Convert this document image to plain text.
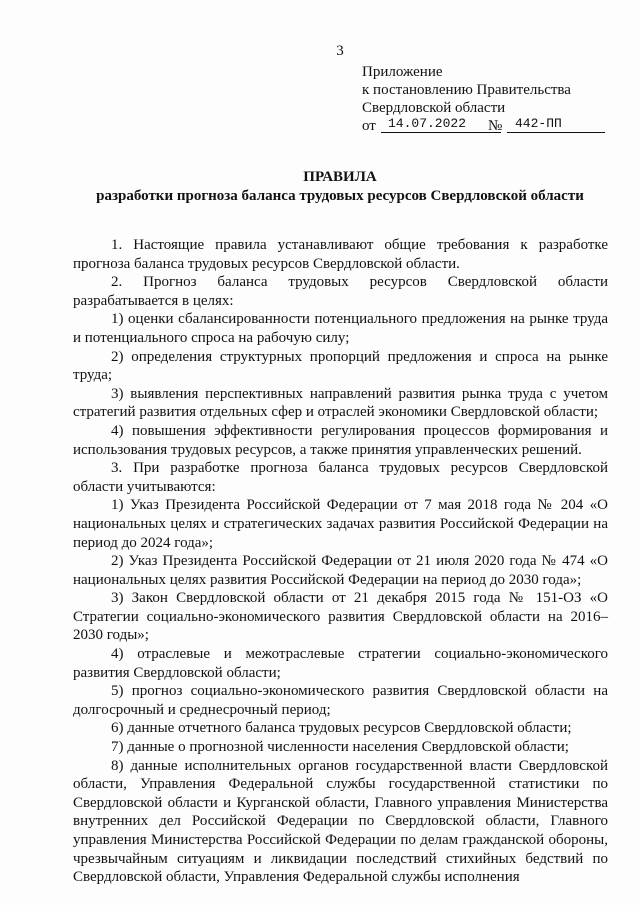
3
Приложение
к постановлению Правительства
Свердловской области
от 14.07.2022 № 442-ПП
ПРАВИЛА
разработки прогноза баланса трудовых ресурсов Свердловской области

1. Настоящие правила устанавливают общие требования к разработке прогноза баланса трудовых ресурсов Свердловской области.

2. Прогноз баланса трудовых ресурсов Свердловской области разрабатывается в целях:

1) оценки сбалансированности потенциального предложения на рынке труда и потенциального спроса на рабочую силу;

2) определения структурных пропорций предложения и спроса на рынке труда;

3) выявления перспективных направлений развития рынка труда с учетом стратегий развития отдельных сфер и отраслей экономики Свердловской области;

4) повышения эффективности регулирования процессов формирования и использования трудовых ресурсов, а также принятия управленческих решений.

3. При разработке прогноза баланса трудовых ресурсов Свердловской области учитываются:

1) Указ Президента Российской Федерации от 7 мая 2018 года № 204 «О национальных целях и стратегических задачах развития Российской Федерации на период до 2024 года»;

2) Указ Президента Российской Федерации от 21 июля 2020 года № 474 «О национальных целях развития Российской Федерации на период до 2030 года»;

3) Закон Свердловской области от 21 декабря 2015 года № 151-ОЗ «О Стратегии социально-экономического развития Свердловской области на 2016–2030 годы»;

4) отраслевые и межотраслевые стратегии социально-экономического развития Свердловской области;

5) прогноз социально-экономического развития Свердловской области на долгосрочный и среднесрочный период;

6) данные отчетного баланса трудовых ресурсов Свердловской области;

7) данные о прогнозной численности населения Свердловской области;

8) данные исполнительных органов государственной власти Свердловской области, Управления Федеральной службы государственной статистики по Свердловской области и Курганской области, Главного управления Министерства внутренних дел Российской Федерации по Свердловской области, Главного управления Министерства Российской Федерации по делам гражданской обороны, чрезвычайным ситуациям и ликвидации последствий стихийных бедствий по Свердловской области, Управления Федеральной службы исполнения
